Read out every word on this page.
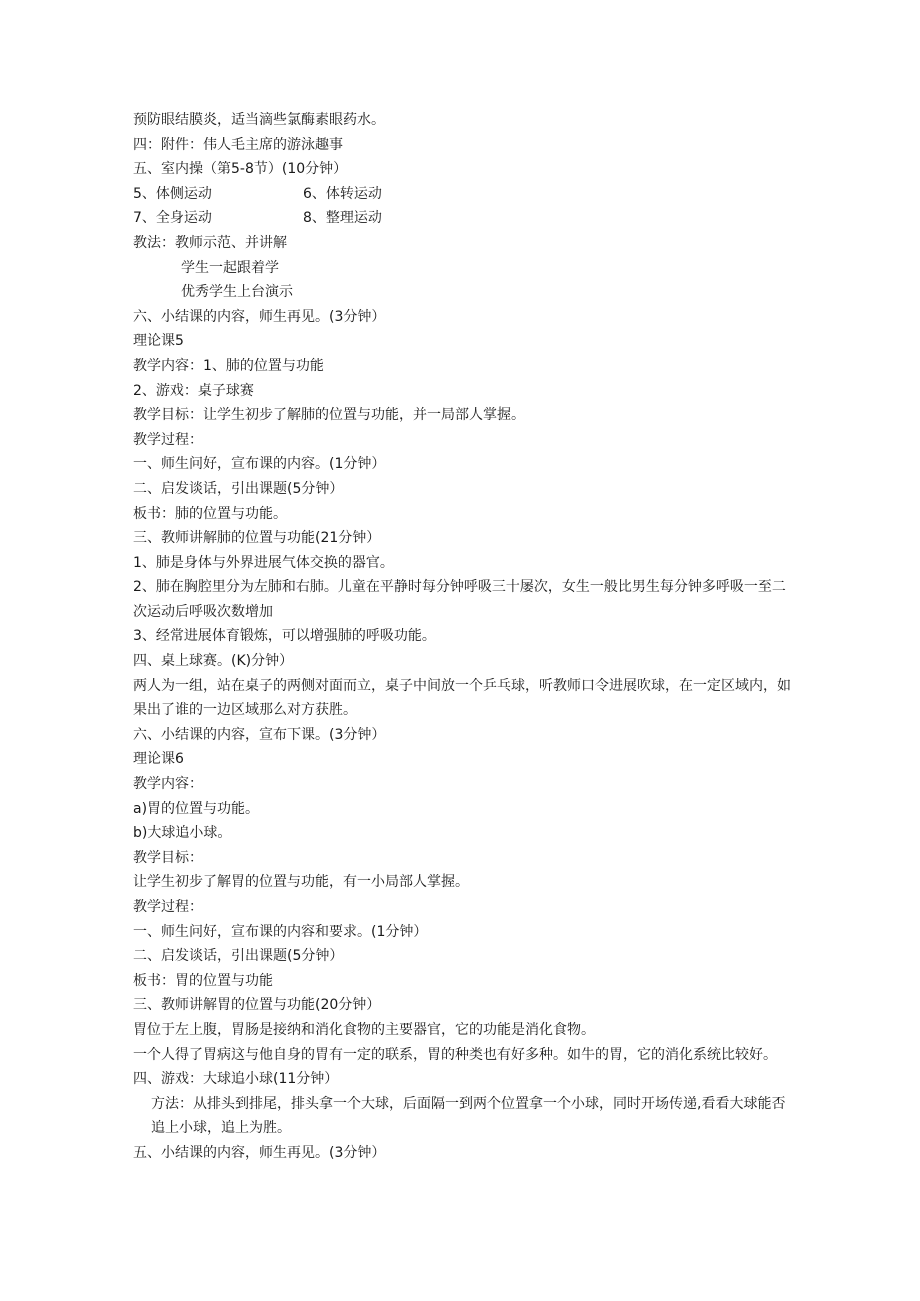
预防眼结膜炎，适当滴些氯酶素眼药水。
四：附件：伟人毛主席的游泳趣事
五、室内操（第5-8节）(10分钟）
5、体侧运动	6、体转运动
7、全身运动	8、整理运动
教法：教师示范、并讲解
学生一起跟着学
优秀学生上台演示
六、小结课的内容，师生再见。(3分钟）
理论课5
教学内容：1、肺的位置与功能
2、游戏：桌子球赛
教学目标：让学生初步了解肺的位置与功能，并一局部人掌握。
教学过程：
一、师生问好，宣布课的内容。(1分钟）
二、启发谈话，引出课题(5分钟）
板书：肺的位置与功能。
三、教师讲解肺的位置与功能(21分钟）
1、肺是身体与外界进展气体交换的器官。
2、肺在胸腔里分为左肺和右肺。儿童在平静时每分钟呼吸三十屡次，女生一般比男生每分钟多呼吸一至二次运动后呼吸次数增加
3、经常进展体育锻炼，可以增强肺的呼吸功能。
四、桌上球赛。(K)分钟）
两人为一组，站在桌子的两侧对面而立，桌子中间放一个乒乓球，听教师口令进展吹球，在一定区域内，如果出了谁的一边区域那么对方获胜。
六、小结课的内容，宣布下课。(3分钟）
理论课6
教学内容：
a)胃的位置与功能。
b)大球追小球。
教学目标：
让学生初步了解胃的位置与功能，有一小局部人掌握。
教学过程：
一、师生问好，宣布课的内容和要求。(1分钟）
二、启发谈话，引出课题(5分钟）
板书：胃的位置与功能
三、教师讲解胃的位置与功能(20分钟）
胃位于左上腹，胃肠是接纳和消化食物的主要器官，它的功能是消化食物。
一个人得了胃病这与他自身的胃有一定的联系，胃的种类也有好多种。如牛的胃，它的消化系统比较好。
四、游戏：大球追小球(11分钟）
方法：从排头到排尾，排头拿一个大球，后面隔一到两个位置拿一个小球，同时开场传递,看看大球能否追上小球，追上为胜。
五、小结课的内容，师生再见。(3分钟）
